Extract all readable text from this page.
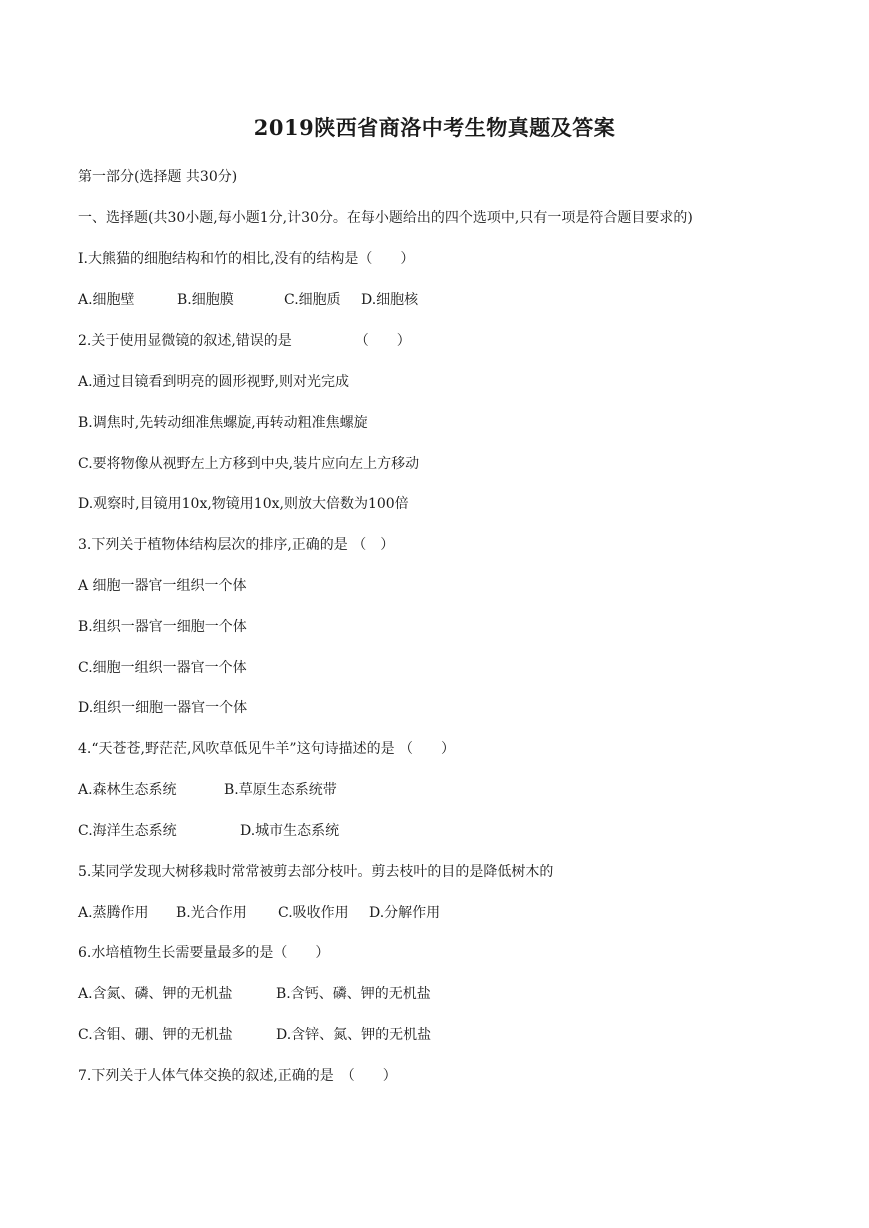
2019陕西省商洛中考生物真题及答案
第一部分(选择题 共30分)
一、选择题(共30小题,每小题1分,计30分。在每小题给出的四个选项中,只有一项是符合题目要求的)
I.大熊猫的细胞结构和竹的相比,没有的结构是（　　）
A.细胞壁	B.细胞膜	C.细胞质	D.细胞核
2.关于使用显微镜的叙述,错误的是　　　　　（　　）
A.通过目镜看到明亮的圆形视野,则对光完成
B.调焦时,先转动细准焦螺旋,再转动粗准焦螺旋
C.要将物像从视野左上方移到中央,装片应向左上方移动
D.观察时,目镜用10x,物镜用10x,则放大倍数为100倍
3.下列关于植物体结构层次的排序,正确的是 （　）
A 细胞一器官一组织一个体
B.组织一器官一细胞一个体
C.细胞一组织一器官一个体
D.组织一细胞一器官一个体
4.“天苍苍,野茫茫,风吹草低见牛羊”这句诗描述的是 （　　）
A.森林生态系统	B.草原生态系统带
C.海洋生态系统	D.城市生态系统
5.某同学发现大树移栽时常常被剪去部分枝叶。剪去枝叶的目的是降低树木的
A.蒸腾作用	B.光合作用	C.吸收作用	D.分解作用
6.水培植物生长需要量最多的是（　　）
A.含氮、磷、钾的无机盐	B.含钙、磷、钾的无机盐
C.含钼、硼、钾的无机盐	D.含锌、氮、钾的无机盐
7.下列关于人体气体交换的叙述,正确的是　（　　）
